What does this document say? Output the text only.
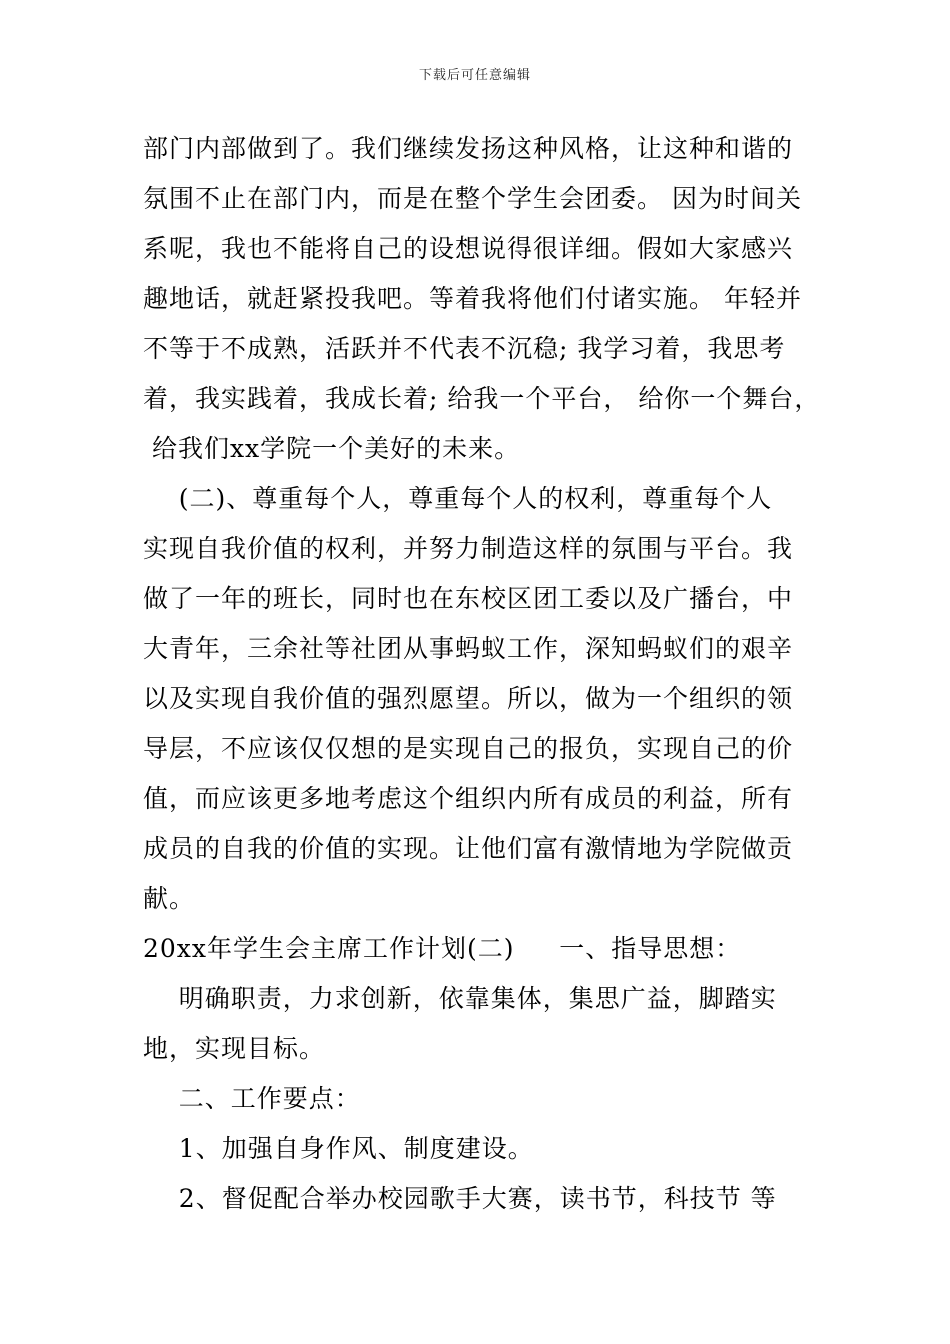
下载后可任意编辑
部门内部做到了。我们继续发扬这种风格，让这种和谐的
氛围不止在部门内，而是在整个学生会团委。 因为时间关
系呢，我也不能将自己的设想说得很详细。假如大家感兴
趣地话，就赶紧投我吧。等着我将他们付诸实施。 年轻并
不等于不成熟，活跃并不代表不沉稳; 我学习着，我思考
着，我实践着，我成长着; 给我一个平台， 给你一个舞台，
给我们xx学院一个美好的未来。
(二)、尊重每个人，尊重每个人的权利，尊重每个人
实现自我价值的权利，并努力制造这样的氛围与平台。我
做了一年的班长，同时也在东校区团工委以及广播台，中
大青年，三余社等社团从事蚂蚁工作，深知蚂蚁们的艰辛
以及实现自我价值的强烈愿望。所以，做为一个组织的领
导层，不应该仅仅想的是实现自己的报负，实现自己的价
值，而应该更多地考虑这个组织内所有成员的利益，所有
成员的自我的价值的实现。让他们富有激情地为学院做贡
献。
20xx年学生会主席工作计划(二)     一、指导思想：
明确职责，力求创新，依靠集体，集思广益，脚踏实
地，实现目标。
二、工作要点：
1、加强自身作风、制度建设。
2、督促配合举办校园歌手大赛，读书节，科技节 等
